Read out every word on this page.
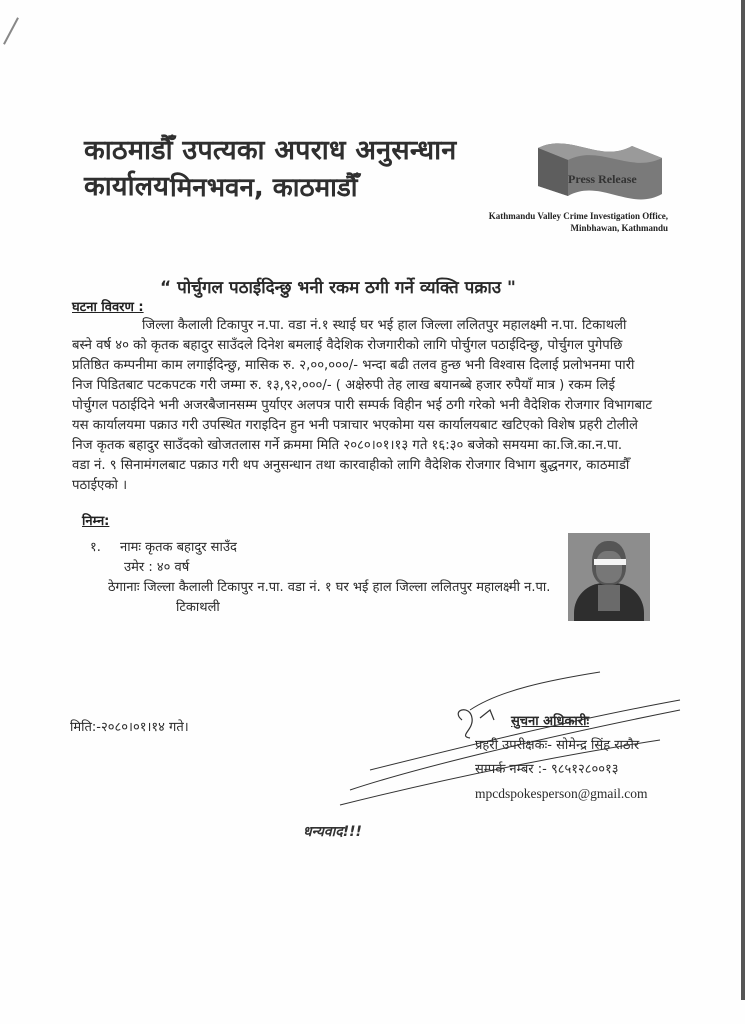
काठमाडौँ उपत्यका अपराध अनुसन्धान कार्यालय मिनभवन, काठमाडौँ	Press Release
Kathmandu Valley Crime Investigation Office,
Minbhawan, Kathmandu
“ पोर्चुगल पठाईदिन्छु भनी रकम ठगी गर्ने व्यक्ति पक्राउ "
घटना विवरण :
जिल्ला कैलाली टिकापुर न.पा. वडा नं.१ स्थाई घर भई हाल जिल्ला ललितपुर महालक्ष्मी न.पा. टिकाथली
बस्ने वर्ष ४० को कृतक बहादुर साउँदले दिनेश बमलाई वैदेशिक रोजगारीको लागि पोर्चुगल पठाईदिन्छु, पोर्चुगल पुगेपछि
प्रतिष्ठित कम्पनीमा काम लगाईदिन्छु, मासिक रु. २,००,०००/- भन्दा बढी तलव हुन्छ भनी विश्वास दिलाई प्रलोभनमा पारी
निज पिडितबाट पटकपटक गरी जम्मा रु. १३,९२,०००/- ( अक्षेरुपी तेह लाख बयानब्बे हजार रुपैयाँ मात्र ) रकम लिई
पोर्चुगल पठाईदिने भनी अजरबैजानसम्म पुर्याएर अलपत्र पारी सम्पर्क विहीन भई ठगी गरेको भनी वैदेशिक रोजगार विभागबाट
यस कार्यालयमा पक्राउ गरी उपस्थित गराइदिन हुन भनी पत्राचार भएकोमा यस कार्यालयबाट खटिएको विशेष प्रहरी टोलीले
निज कृतक बहादुर साउँदको खोजतलास गर्ने क्रममा मिति २०८०।०१।१३ गते १६:३० बजेको समयमा का.जि.का.न.पा.
वडा नं. ९ सिनामंगलबाट पक्राउ गरी थप अनुसन्धान तथा कारवाहीको लागि वैदेशिक रोजगार विभाग बुद्धनगर, काठमाडौँ
पठाईएको ।
निम्न:
१. नामः कृतक बहादुर साउँद
उमेर : ४० वर्ष
ठेगानाः जिल्ला कैलाली टिकापुर न.पा. वडा नं. १ घर भई हाल जिल्ला ललितपुर महालक्ष्मी न.पा.
टिकाथली
मिति:-२०८०।०१।१४ गते।	सुचना अधिकारीः
प्रहरी उपरीक्षकः- सोमेन्द्र सिंह राठौर
सम्पर्क नम्बर :- ९८५१२८००१३
mpcdspokesperson@gmail.com
धन्यवाद!!!
